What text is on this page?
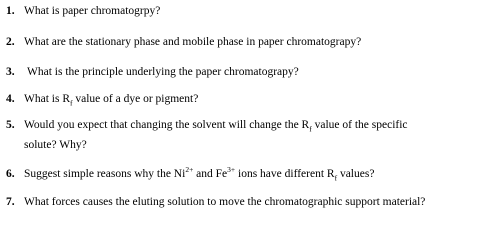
1. What is paper chromatogrpy?
2. What are the stationary phase and mobile phase in paper chromatograpy?
3. What is the principle underlying the paper chromatograpy?
4. What is $R_f$ value of a dye or pigment?
5. Would you expect that changing the solvent will change the $R_f$ value of the specific
solute? Why?
6. Suggest simple reasons why the $Ni^{2+}$ and $Fe^{3+}$ ions have different $R_f$ values?
7. What forces causes the eluting solution to move the chromatographic support material?
